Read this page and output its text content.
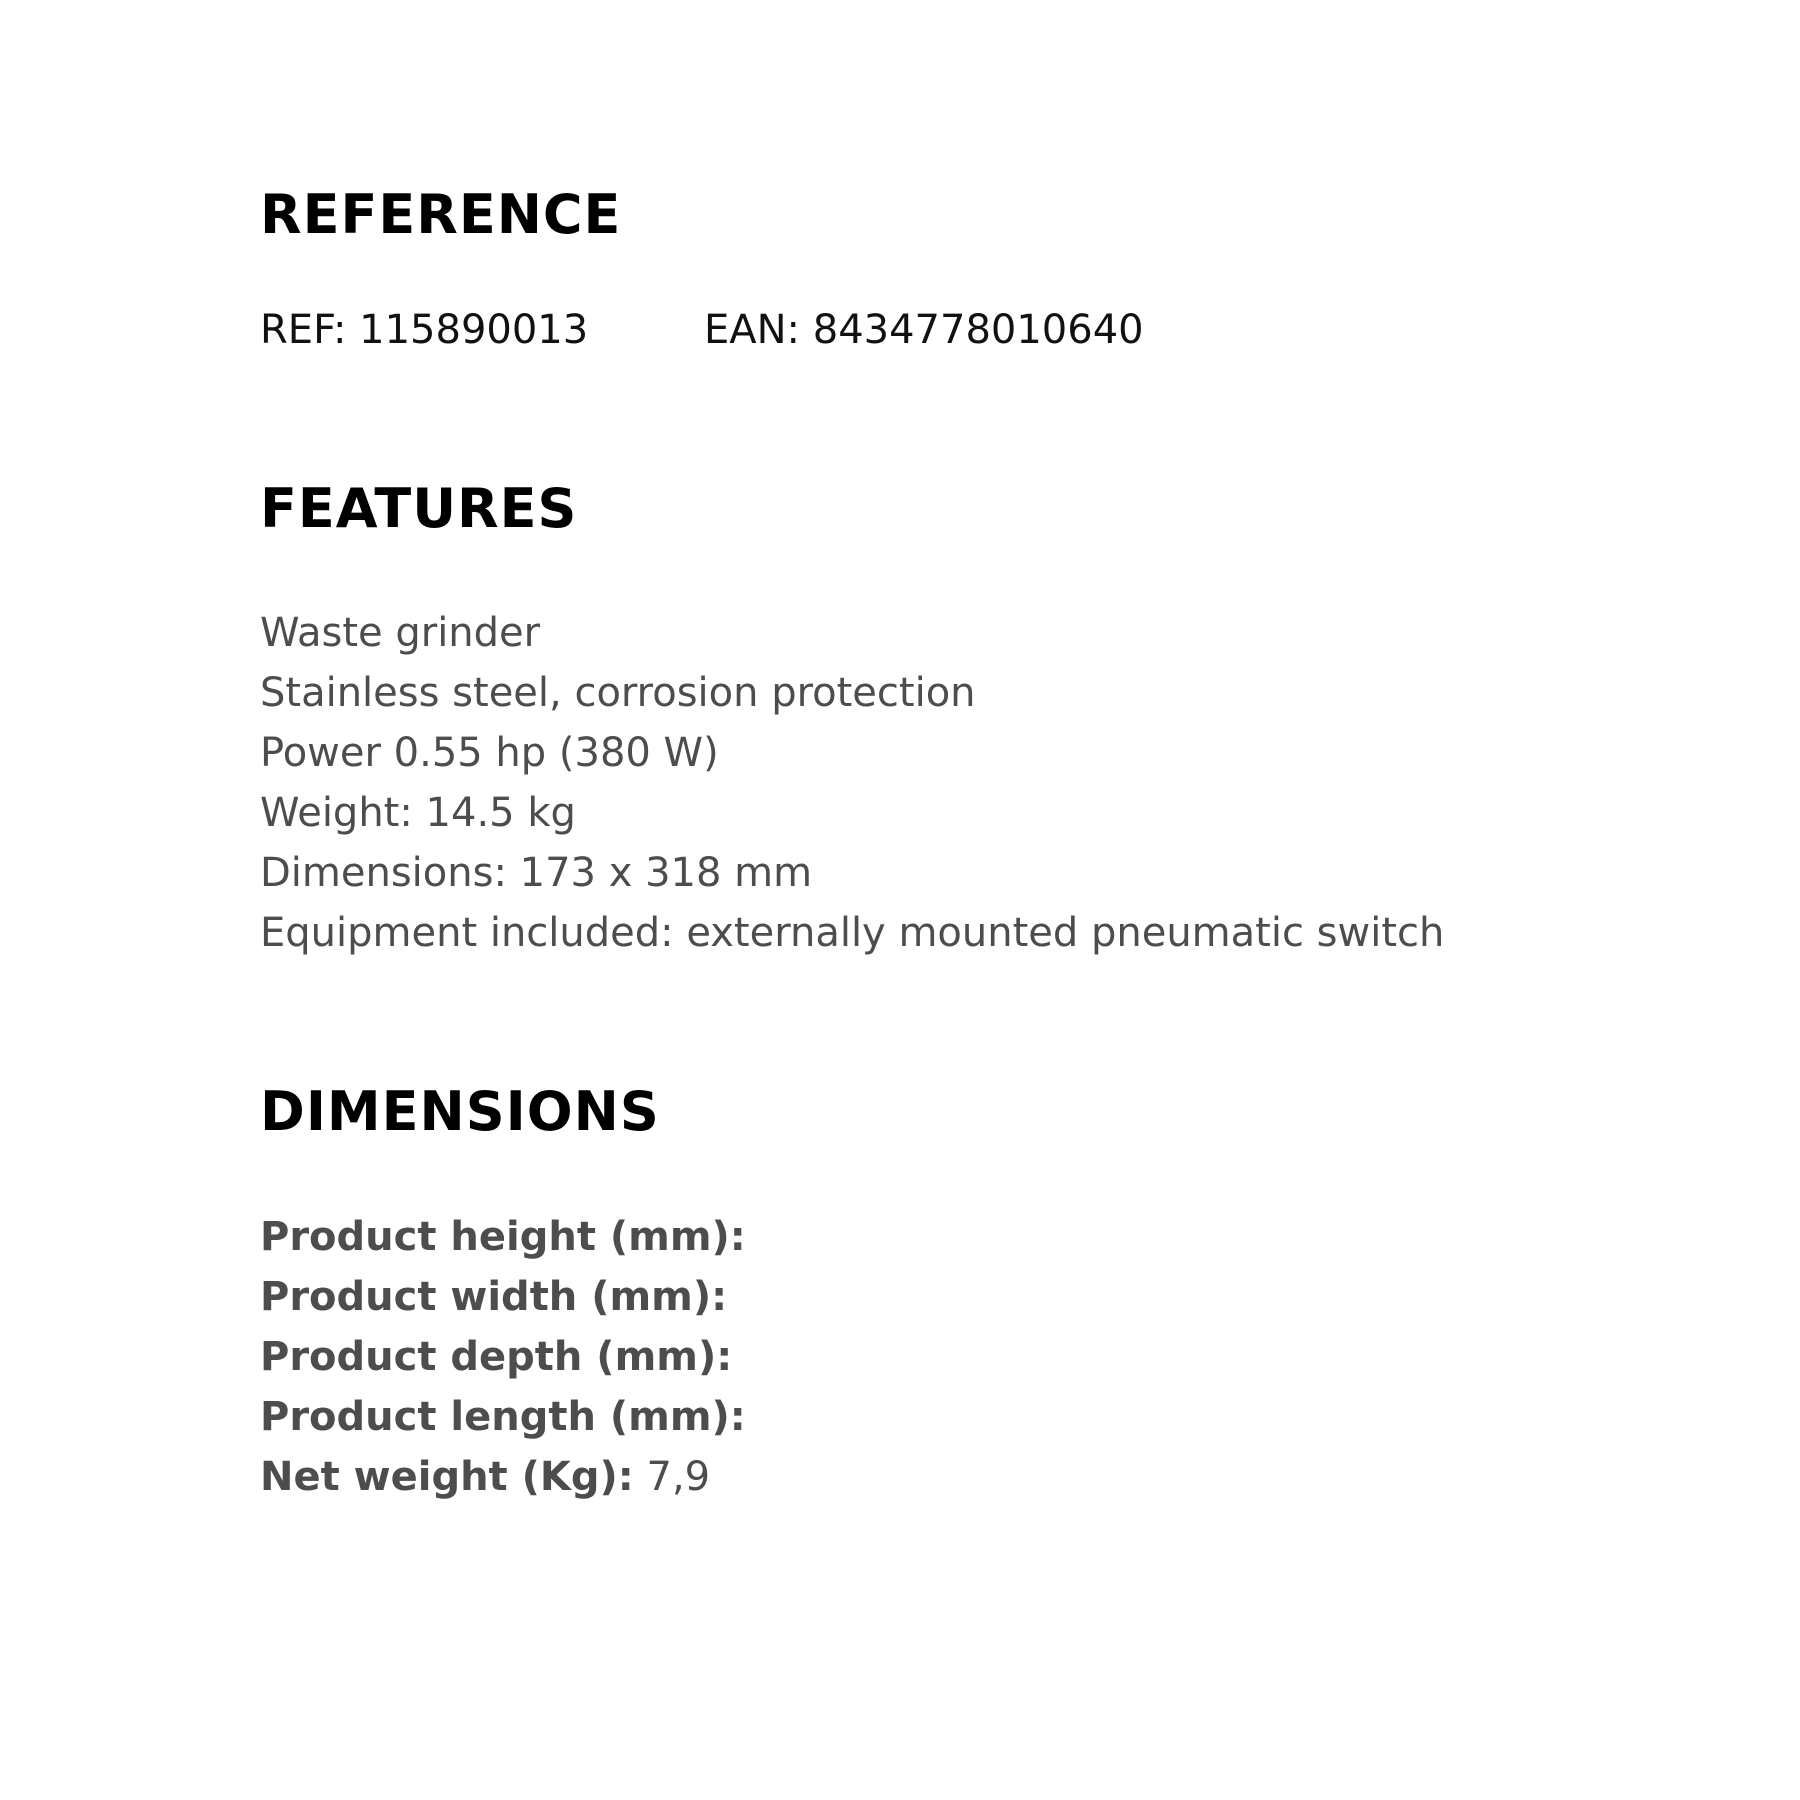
REFERENCE
REF: 115890013	EAN: 8434778010640
FEATURES
Waste grinder
Stainless steel, corrosion protection
Power 0.55 hp (380 W)
Weight: 14.5 kg
Dimensions: 173 x 318 mm
Equipment included: externally mounted pneumatic switch
DIMENSIONS
Product height (mm):
Product width (mm):
Product depth (mm):
Product length (mm):
Net weight (Kg): 7,9
